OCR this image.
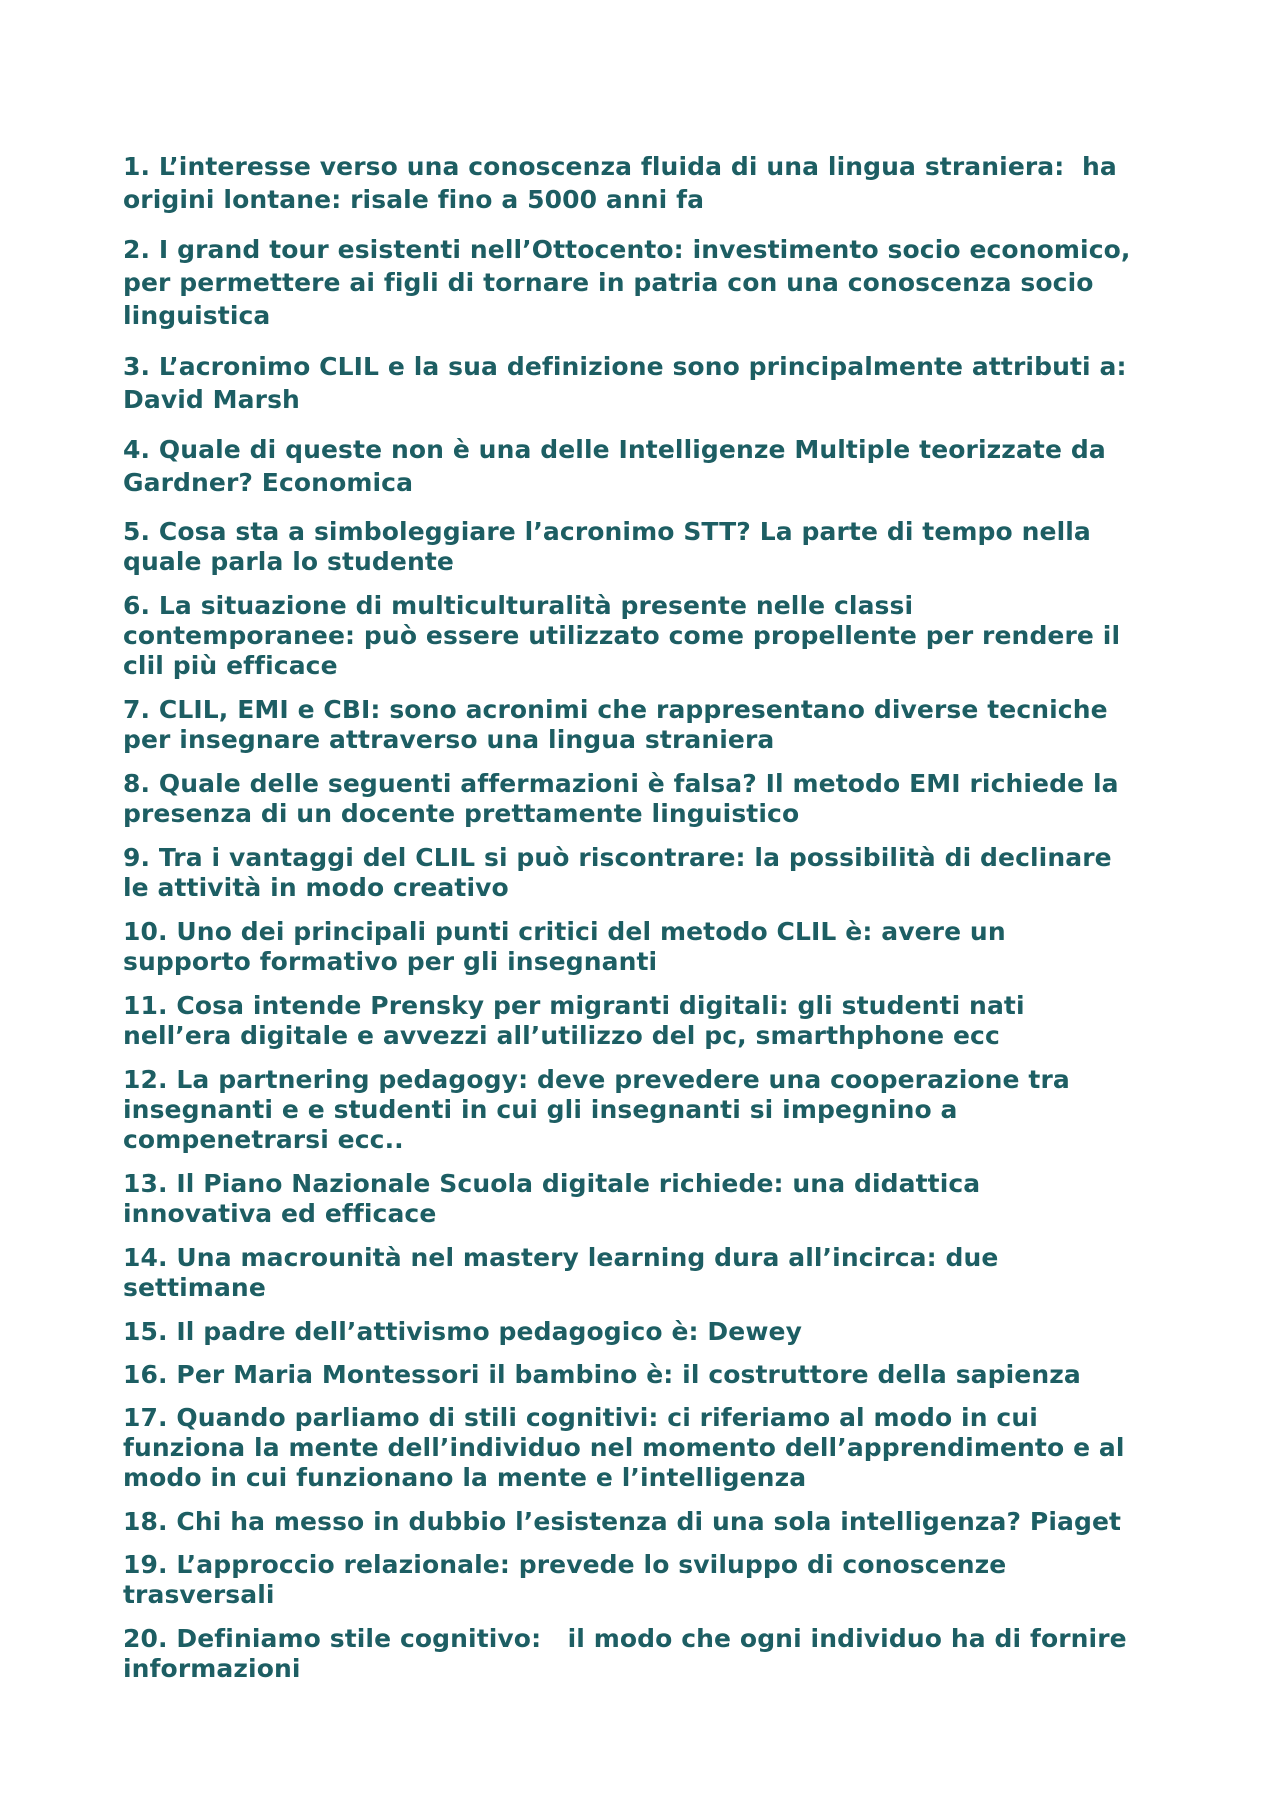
1. L’interesse verso una conoscenza fluida di una lingua straniera:  ha
origini lontane: risale fino a 5000 anni fa

2. I grand tour esistenti nell’Ottocento: investimento socio economico,
per permettere ai figli di tornare in patria con una conoscenza socio
linguistica

3. L’acronimo CLIL e la sua definizione sono principalmente attributi a:
David Marsh

4. Quale di queste non è una delle Intelligenze Multiple teorizzate da
Gardner? Economica

5. Cosa sta a simboleggiare l’acronimo STT? La parte di tempo nella
quale parla lo studente

6. La situazione di multiculturalità presente nelle classi
contemporanee: può essere utilizzato come propellente per rendere il
clil più efficace

7. CLIL, EMI e CBI: sono acronimi che rappresentano diverse tecniche
per insegnare attraverso una lingua straniera

8. Quale delle seguenti affermazioni è falsa? Il metodo EMI richiede la
presenza di un docente prettamente linguistico

9. Tra i vantaggi del CLIL si può riscontrare: la possibilità di declinare
le attività in modo creativo

10. Uno dei principali punti critici del metodo CLIL è: avere un
supporto formativo per gli insegnanti

11. Cosa intende Prensky per migranti digitali: gli studenti nati
nell’era digitale e avvezzi all’utilizzo del pc, smarthphone ecc

12. La partnering pedagogy: deve prevedere una cooperazione tra
insegnanti e e studenti in cui gli insegnanti si impegnino a
compenetrarsi ecc..

13. Il Piano Nazionale Scuola digitale richiede: una didattica
innovativa ed efficace

14. Una macrounità nel mastery learning dura all’incirca: due
settimane

15. Il padre dell’attivismo pedagogico è: Dewey

16. Per Maria Montessori il bambino è: il costruttore della sapienza

17. Quando parliamo di stili cognitivi: ci riferiamo al modo in cui
funziona la mente dell’individuo nel momento dell’apprendimento e al
modo in cui funzionano la mente e l’intelligenza

18. Chi ha messo in dubbio l’esistenza di una sola intelligenza? Piaget

19. L’approccio relazionale: prevede lo sviluppo di conoscenze
trasversali

20. Definiamo stile cognitivo:   il modo che ogni individuo ha di fornire
informazioni
